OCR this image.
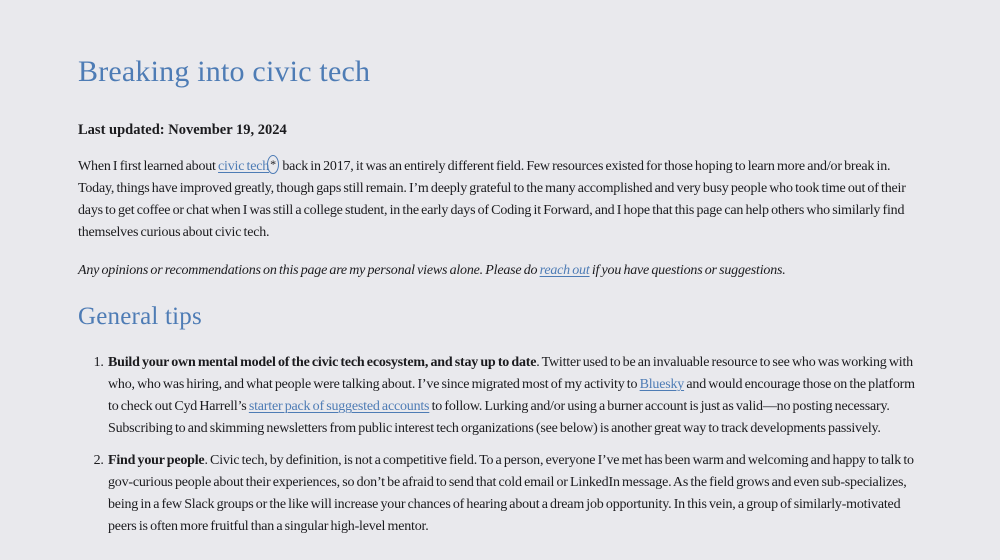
Breaking into civic tech

Last updated: November 19, 2024

When I first learned about civic tech * back in 2017, it was an entirely different field. Few resources existed for those hoping to learn more and/or break in. Today, things have improved greatly, though gaps still remain. I’m deeply grateful to the many accomplished and very busy people who took time out of their days to get coffee or chat when I was still a college student, in the early days of Coding it Forward, and I hope that this page can help others who similarly find themselves curious about civic tech.

Any opinions or recommendations on this page are my personal views alone. Please do reach out if you have questions or suggestions.

General tips
1. Build your own mental model of the civic tech ecosystem, and stay up to date. Twitter used to be an invaluable resource to see who was working with who, who was hiring, and what people were talking about. I’ve since migrated most of my activity to Bluesky and would encourage those on the platform to check out Cyd Harrell’s starter pack of suggested accounts to follow. Lurking and/or using a burner account is just as valid—no posting necessary. Subscribing to and skimming newsletters from public interest tech organizations (see below) is another great way to track developments passively.
2. Find your people. Civic tech, by definition, is not a competitive field. To a person, everyone I’ve met has been warm and welcoming and happy to talk to gov-curious people about their experiences, so don’t be afraid to send that cold email or LinkedIn message. As the field grows and even sub-specializes, being in a few Slack groups or the like will increase your chances of hearing about a dream job opportunity. In this vein, a group of similarly-motivated peers is often more fruitful than a singular high-level mentor.
